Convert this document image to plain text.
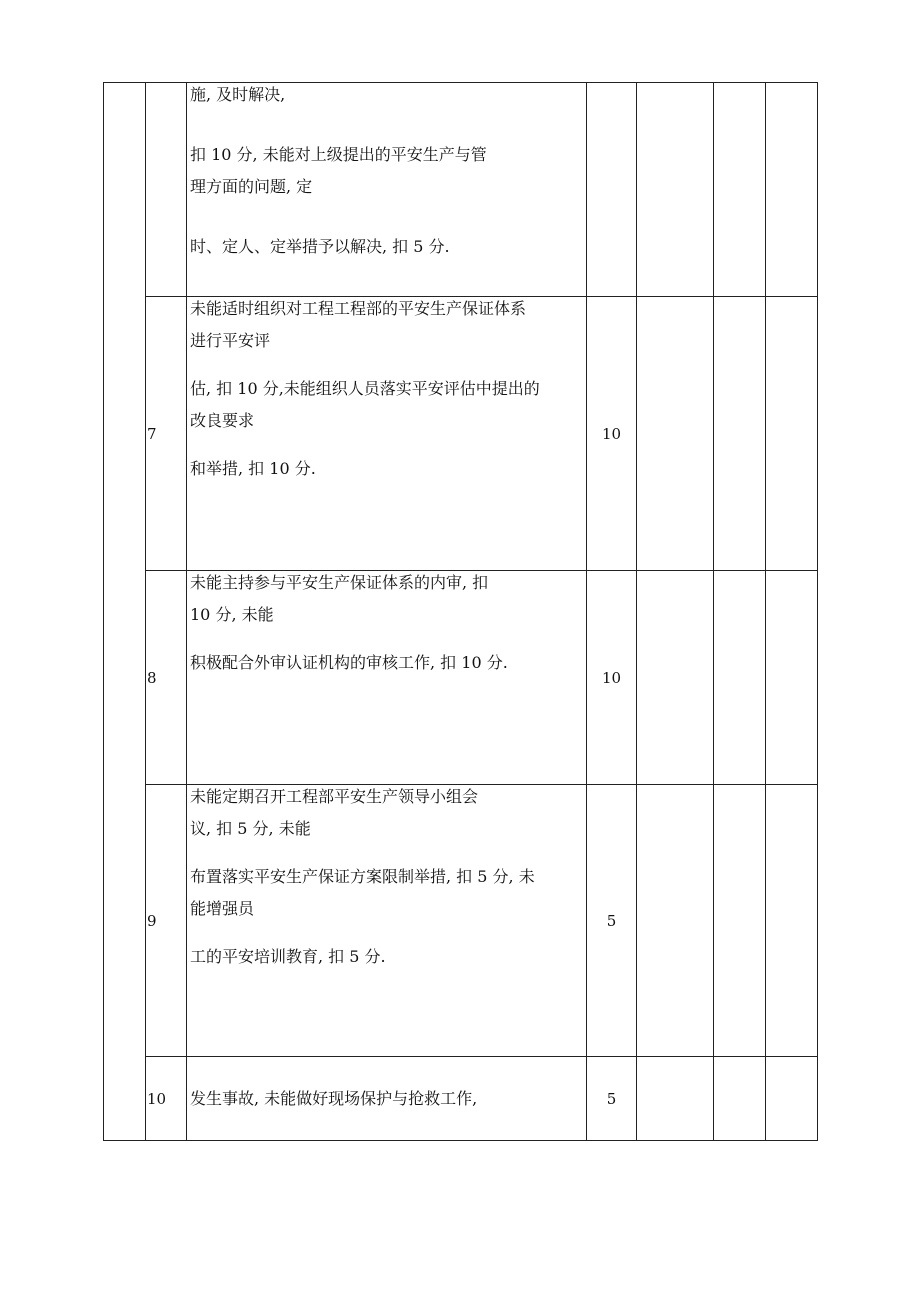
		施, 及时解决,
扣 10 分, 未能对上级提出的平安生产与管
理方面的问题, 定
时、定人、定举措予以解决, 扣 5 分.				

	7	未能适时组织对工程工程部的平安生产保证体系
进行平安评
估, 扣 10 分,未能组织人员落实平安评估中提出的
改良要求
和举措, 扣 10 分.	10			
	8	未能主持参与平安生产保证体系的内审, 扣
10 分, 未能
积极配合外审认证机构的审核工作, 扣 10 分.	10			
	9	未能定期召开工程部平安生产领导小组会
议, 扣 5 分, 未能
布置落实平安生产保证方案限制举措, 扣 5 分, 未
能增强员
工的平安培训教育, 扣 5 分.	5			
	10	发生事故, 未能做好现场保护与抢救工作,	5			
